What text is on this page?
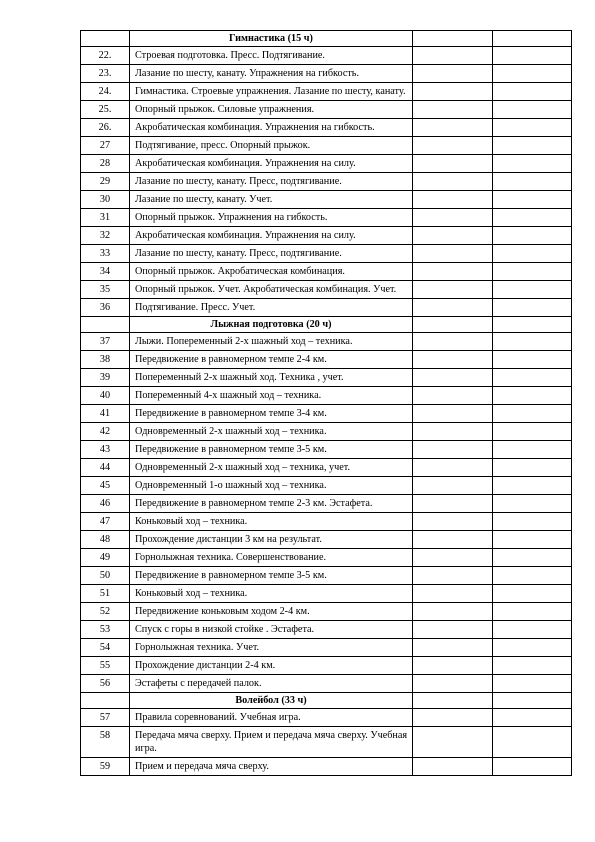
	Гимнастика (15 ч)		
22.	Строевая подготовка. Пресс. Подтягивание.		
23.	Лазание по шесту, канату. Упражнения на гибкость.		
24.	Гимнастика. Строевые упражнения. Лазание по шесту, канату.		
25.	Опорный прыжок. Силовые упражнения.		
26.	Акробатическая комбинация. Упражнения на гибкость.		
27	Подтягивание, пресс. Опорный прыжок.		
28	Акробатическая комбинация. Упражнения на силу.		
29	Лазание по шесту, канату. Пресс, подтягивание.		
30	Лазание по шесту, канату. Учет.		
31	Опорный прыжок. Упражнения на гибкость.		
32	Акробатическая комбинация. Упражнения на силу.		
33	Лазание по шесту, канату. Пресс, подтягивание.		
34	Опорный прыжок. Акробатическая комбинация.		
35	Опорный прыжок. Учет. Акробатическая комбинация. Учет.		
36	Подтягивание. Пресс. Учет.		
	Лыжная подготовка (20 ч)		
37	Лыжи. Попеременный 2-х шажный ход – техника.		
38	Передвижение в равномерном темпе 2-4 км.		
39	Попеременный 2-х шажный ход. Техника , учет.		
40	Попеременный 4-х шажный ход – техника.		
41	Передвижение в равномерном темпе 3-4 км.		
42	Одновременный 2-х шажный ход – техника.		
43	Передвижение в равномерном темпе 3-5 км.		
44	Одновременный 2-х шажный ход – техника, учет.		
45	Одновременный 1-о шажный ход – техника.		
46	Передвижение в равномерном темпе 2-3 км. Эстафета.		
47	Коньковый ход – техника.		
48	Прохождение дистанции 3 км на результат.		
49	Горнолыжная техника. Совершенствование.		
50	Передвижение в равномерном темпе 3-5 км.		
51	Коньковый ход – техника.		
52	Передвижение коньковым ходом 2-4 км.		
53	Спуск с горы в низкой стойке . Эстафета.		
54	Горнолыжная техника. Учет.		
55	Прохождение дистанции 2-4 км.		
56	Эстафеты с передачей палок.		
	Волейбол (33 ч)		
57	Правила соревнований. Учебная игра.		
58	Передача мяча сверху. Прием и передача мяча сверху. Учебная игра.		
59	Прием и передача мяча сверху.		
